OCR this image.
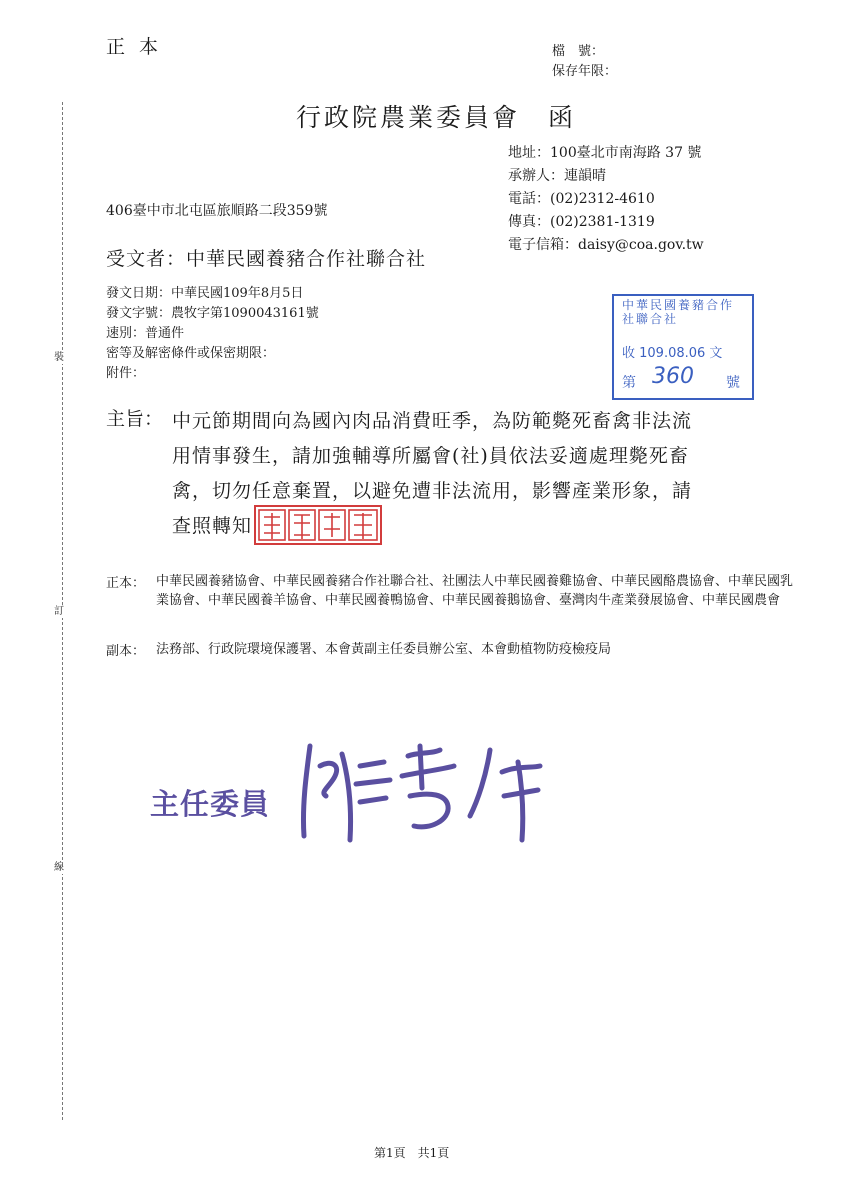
裝
訂
線
正本	檔　號：
保存年限：
行政院農業委員會　函
地址：100臺北市南海路 37 號
承辦人：連韻晴
電話：(02)2312-4610
傳真：(02)2381-1319
電子信箱：daisy@coa.gov.tw
406臺中市北屯區旅順路二段359號
受文者：中華民國養豬合作社聯合社
發文日期：中華民國109年8月5日
發文字號：農牧字第1090043161號
速別：普通件
密等及解密條件或保密期限：
附件：
中華民國養豬合作社聯合社
收 109.08.06 文
第 360 號
主旨： 中元節期間向為國內肉品消費旺季，為防範斃死畜禽非法流
用情事發生，請加強輔導所屬會(社)員依法妥適處理斃死畜
禽，切勿任意棄置，以避免遭非法流用，影響產業形象，請
查照轉知
正本： 中華民國養豬協會、中華民國養豬合作社聯合社、社團法人中華民國養雞協會、中華民國酪農協會、中華民國乳業協會、中華民國養羊協會、中華民國養鴨協會、中華民國養鵝協會、臺灣肉牛產業發展協會、中華民國農會
副本： 法務部、行政院環境保護署、本會黃副主任委員辦公室、本會動植物防疫檢疫局
主任委員
第1頁　共1頁
